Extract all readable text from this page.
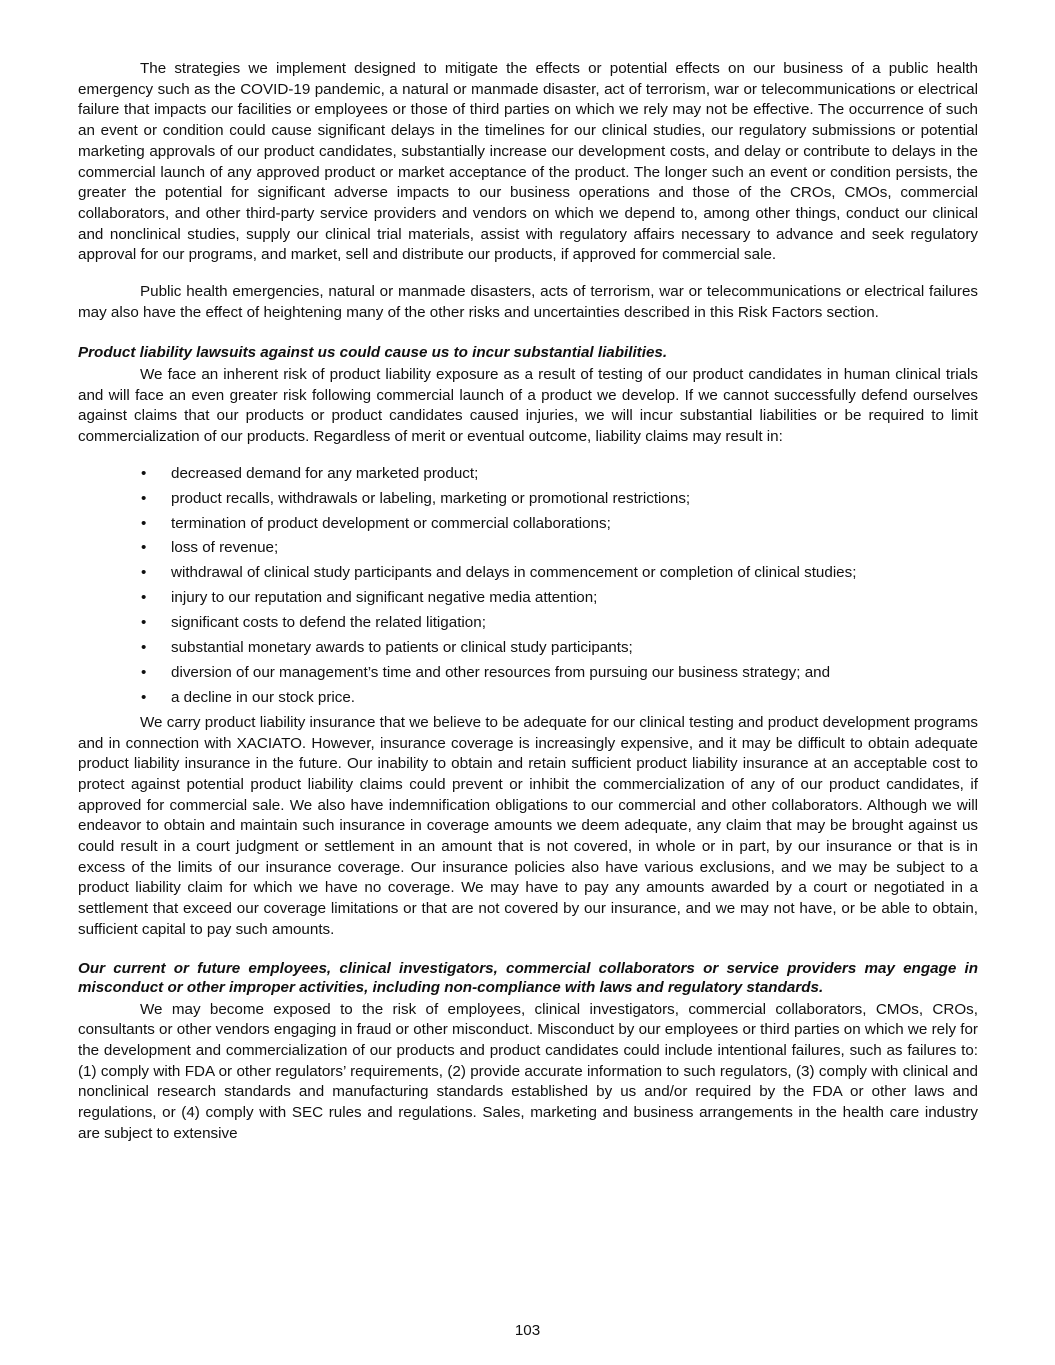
The strategies we implement designed to mitigate the effects or potential effects on our business of a public health emergency such as the COVID-19 pandemic, a natural or manmade disaster, act of terrorism, war or telecommunications or electrical failure that impacts our facilities or employees or those of third parties on which we rely may not be effective. The occurrence of such an event or condition could cause significant delays in the timelines for our clinical studies, our regulatory submissions or potential marketing approvals of our product candidates, substantially increase our development costs, and delay or contribute to delays in the commercial launch of any approved product or market acceptance of the product. The longer such an event or condition persists, the greater the potential for significant adverse impacts to our business operations and those of the CROs, CMOs, commercial collaborators, and other third-party service providers and vendors on which we depend to, among other things, conduct our clinical and nonclinical studies, supply our clinical trial materials, assist with regulatory affairs necessary to advance and seek regulatory approval for our programs, and market, sell and distribute our products, if approved for commercial sale.

Public health emergencies, natural or manmade disasters, acts of terrorism, war or telecommunications or electrical failures may also have the effect of heightening many of the other risks and uncertainties described in this Risk Factors section.

Product liability lawsuits against us could cause us to incur substantial liabilities.

We face an inherent risk of product liability exposure as a result of testing of our product candidates in human clinical trials and will face an even greater risk following commercial launch of a product we develop. If we cannot successfully defend ourselves against claims that our products or product candidates caused injuries, we will incur substantial liabilities or be required to limit commercialization of our products. Regardless of merit or eventual outcome, liability claims may result in:

• decreased demand for any marketed product;
• product recalls, withdrawals or labeling, marketing or promotional restrictions;
• termination of product development or commercial collaborations;
• loss of revenue;
• withdrawal of clinical study participants and delays in commencement or completion of clinical studies;
• injury to our reputation and significant negative media attention;
• significant costs to defend the related litigation;
• substantial monetary awards to patients or clinical study participants;
• diversion of our management’s time and other resources from pursuing our business strategy; and
• a decline in our stock price.

We carry product liability insurance that we believe to be adequate for our clinical testing and product development programs and in connection with XACIATO. However, insurance coverage is increasingly expensive, and it may be difficult to obtain adequate product liability insurance in the future. Our inability to obtain and retain sufficient product liability insurance at an acceptable cost to protect against potential product liability claims could prevent or inhibit the commercialization of any of our product candidates, if approved for commercial sale. We also have indemnification obligations to our commercial and other collaborators. Although we will endeavor to obtain and maintain such insurance in coverage amounts we deem adequate, any claim that may be brought against us could result in a court judgment or settlement in an amount that is not covered, in whole or in part, by our insurance or that is in excess of the limits of our insurance coverage. Our insurance policies also have various exclusions, and we may be subject to a product liability claim for which we have no coverage. We may have to pay any amounts awarded by a court or negotiated in a settlement that exceed our coverage limitations or that are not covered by our insurance, and we may not have, or be able to obtain, sufficient capital to pay such amounts.

Our current or future employees, clinical investigators, commercial collaborators or service providers may engage in misconduct or other improper activities, including non-compliance with laws and regulatory standards.

We may become exposed to the risk of employees, clinical investigators, commercial collaborators, CMOs, CROs, consultants or other vendors engaging in fraud or other misconduct. Misconduct by our employees or third parties on which we rely for the development and commercialization of our products and product candidates could include intentional failures, such as failures to: (1) comply with FDA or other regulators’ requirements, (2) provide accurate information to such regulators, (3) comply with clinical and nonclinical research standards and manufacturing standards established by us and/or required by the FDA or other laws and regulations, or (4) comply with SEC rules and regulations. Sales, marketing and business arrangements in the health care industry are subject to extensive

103
